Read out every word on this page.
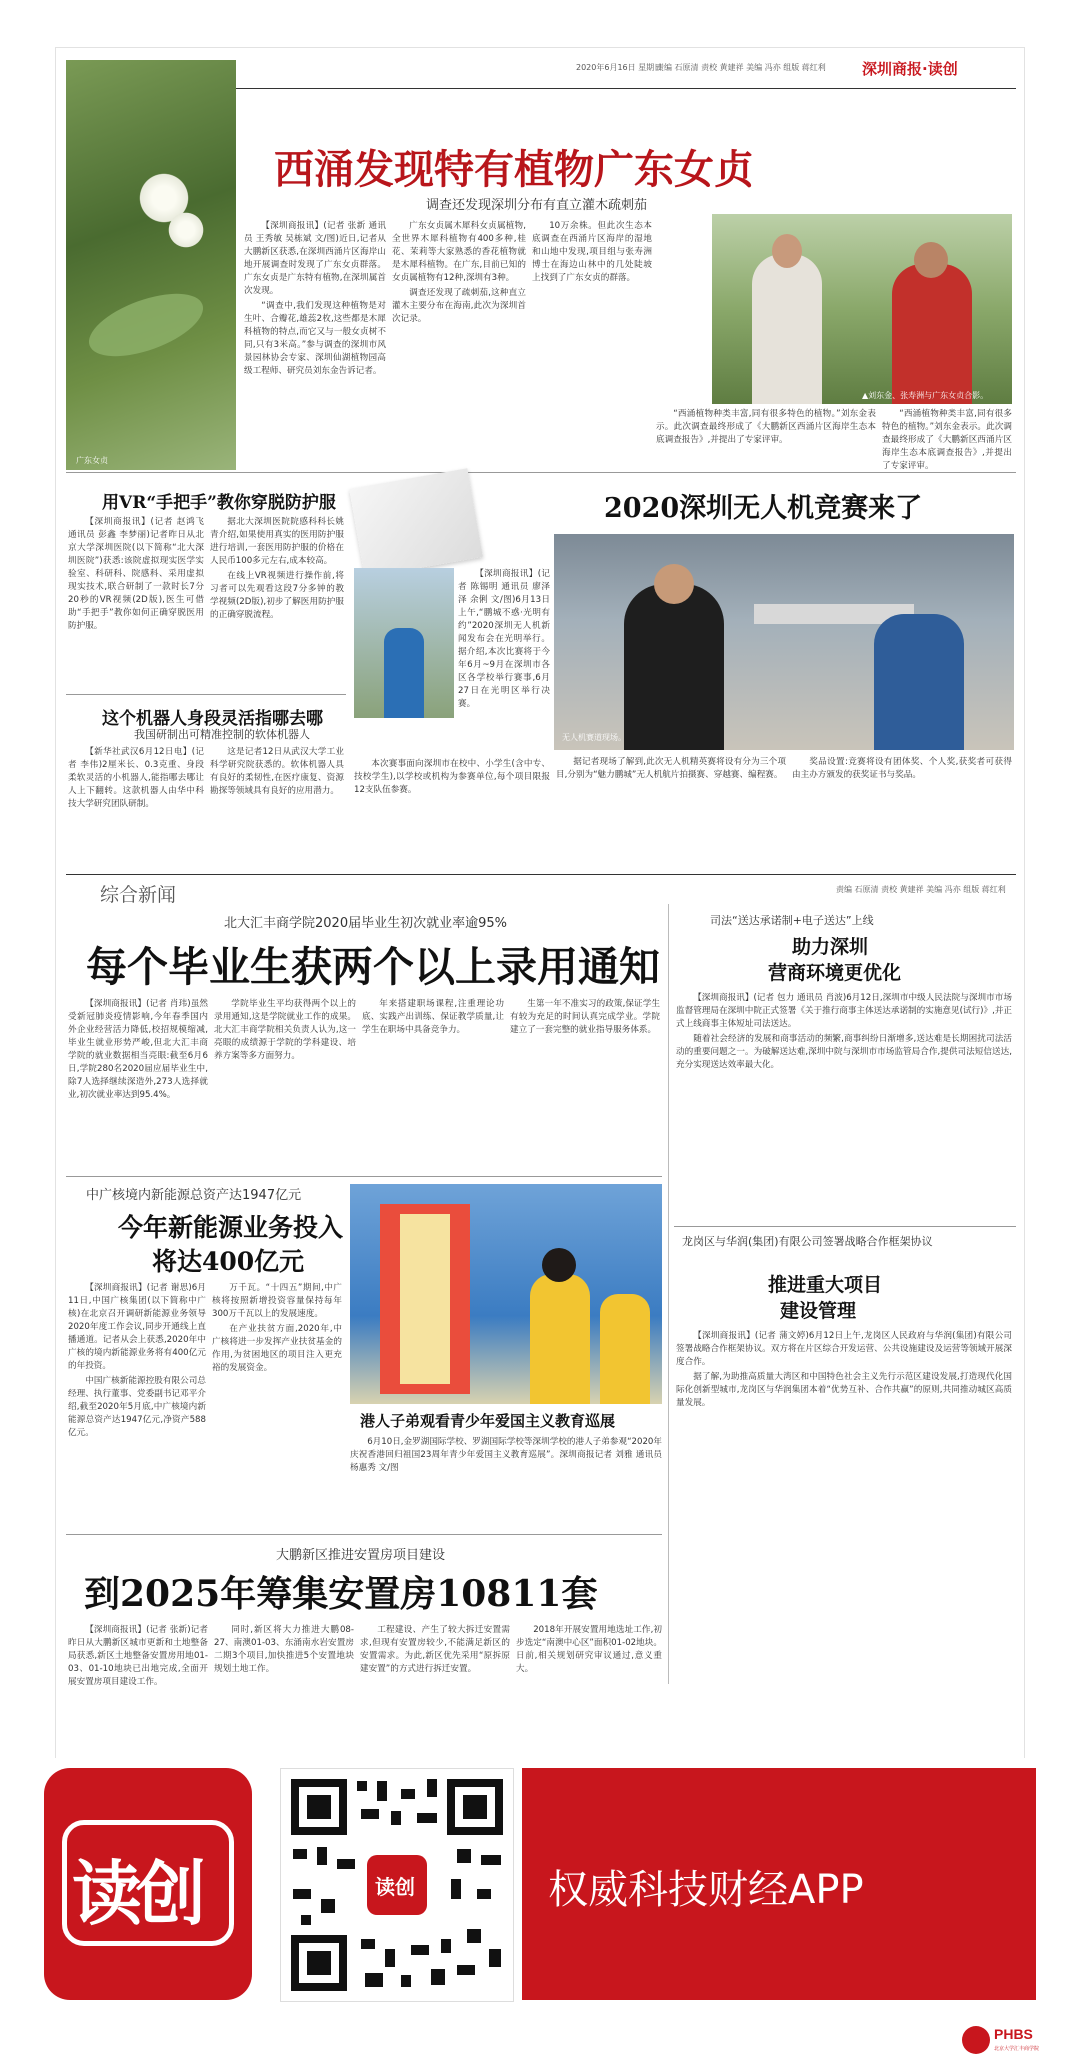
2020年6月16日 星期日
责编 石原清 责校 黄建祥 美编 冯亦 组版 蒋红利 深圳商报·读创
广东女贞
西涌发现特有植物广东女贞
调查还发现深圳分布有直立灌木疏刺茄

【深圳商报讯】(记者 张新 通讯员 王秀敏 吴栋斌 文/图)近日,记者从大鹏新区获悉,在深圳西涌片区海岸山地开展调查时发现了广东女贞群落。广东女贞是广东特有植物,在深圳属首次发现。

“调查中,我们发现这种植物是对生叶、合瓣花,雄蕊2枚,这些都是木犀科植物的特点,而它又与一般女贞树不同,只有3米高。”参与调查的深圳市风景园林协会专家、深圳仙湖植物园高级工程师、研究员刘东金告诉记者。

广东女贞属木犀科女贞属植物,全世界木犀科植物有400多种,桂花、茉莉等大家熟悉的香花植物就是木犀科植物。在广东,目前已知的女贞属植物有12种,深圳有3种。

调查还发现了疏刺茄,这种直立灌木主要分布在海南,此次为深圳首次记录。

10万余株。但此次生态本底调查在西涌片区海岸的湿地和山地中发现,项目组与张寿洲博士在海边山林中的几处陡坡上找到了广东女贞的群落。

▲刘东金、张寿洲与广东女贞合影。

“西涌植物种类丰富,同有很多特色的植物。”刘东金表示。此次调查最终形成了《大鹏新区西涌片区海岸生态本底调查报告》,并提出了专家评审。

“西涌植物种类丰富,同有很多特色的植物。”刘东金表示。此次调查最终形成了《大鹏新区西涌片区海岸生态本底调查报告》,并提出了专家评审。

用VR“手把手”教你穿脱防护服

【深圳商报讯】(记者 赵鸿飞 通讯员 彭鑫 李梦丽)记者昨日从北京大学深圳医院(以下简称“北大深圳医院”)获悉:该院虚拟现实医学实验室、科研科、院感科、采用虚拟现实技术,联合研制了一款时长7分20秒的VR视频(2D版),医生可借助“手把手”教你如何正确穿脱医用防护服。

据北大深圳医院院感科科长姚青介绍,如果使用真实的医用防护服进行培训,一套医用防护服的价格在人民币100多元左右,成本较高。

在线上VR视频进行操作前,将习者可以先观看这段7分多钟的教学视频(2D版),初步了解医用防护服的正确穿脱流程。

这个机器人身段灵活指哪去哪
我国研制出可精准控制的软体机器人

【新华社武汉6月12日电】(记者 李伟)2厘米长、0.3克重、身段柔软灵活的小机器人,能指哪去哪让人上下翻转。这款机器人由华中科技大学研究团队研制。

这是记者12日从武汉大学工业科学研究院获悉的。软体机器人具有良好的柔韧性,在医疗康复、资源勘探等领域具有良好的应用潜力。

2020深圳无人机竞赛来了

【深圳商报讯】(记者 陈锡明 通讯员 廖泽泽 余俐 文/图)6月13日上午,“鹏城不惑·光明有约”2020深圳无人机新闻发布会在光明举行。据介绍,本次比赛将于今年6月~9月在深圳市各区各学校举行赛事,6月27日在光明区举行决赛。

无人机赛道现场。

本次赛事面向深圳市在校中、小学生(含中专、技校学生),以学校或机构为参赛单位,每个项目限报12支队伍参赛。

据记者现场了解到,此次无人机精英赛将设有分为三个项目,分别为“魅力鹏城”无人机航片拍摄赛、穿越赛、编程赛。

奖品设置:竞赛将设有团体奖、个人奖,获奖者可获得由主办方颁发的获奖证书与奖品。

综合新闻	责编 石原清 责校 黄建祥 美编 冯亦 组版 蒋红利
北大汇丰商学院2020届毕业生初次就业率逾95%
每个毕业生获两个以上录用通知

【深圳商报讯】(记者 肖玮)虽然受新冠肺炎疫情影响,今年春季国内外企业经营活力降低,校招规模缩减,毕业生就业形势严峻,但北大汇丰商学院的就业数据相当亮眼:截至6月6日,学院280名2020届应届毕业生中,除7人选择继续深造外,273人选择就业,初次就业率达到95.4%。

学院毕业生平均获得两个以上的录用通知,这是学院就业工作的成果。北大汇丰商学院相关负责人认为,这一亮眼的成绩源于学院的学科建设、培养方案等多方面努力。

年来搭建职场课程,注重理论功底、实践产出训练、保证教学质量,让学生在职场中具备竞争力。

生第一年不准实习的政策,保证学生有较为充足的时间认真完成学业。学院建立了一套完整的就业指导服务体系。

中广核境内新能源总资产达1947亿元
今年新能源业务投入
将达400亿元

【深圳商报讯】(记者 谢思)6月11日,中国广核集团(以下简称中广核)在北京召开调研新能源业务领导2020年度工作会议,同步开通线上直播通道。记者从会上获悉,2020年中广核的境内新能源业务将有400亿元的年投资。

中国广核新能源控股有限公司总经理、执行董事、党委副书记邓平介绍,截至2020年5月底,中广核境内新能源总资产达1947亿元,净资产588亿元。

万千瓦。“十四五”期间,中广核将按照新增投资容量保持每年300万千瓦以上的发展速度。

在产业扶贫方面,2020年,中广核将进一步发挥产业扶贫基金的作用,为贫困地区的项目注入更充裕的发展资金。

港人子弟观看青少年爱国主义教育巡展

6月10日,金罗湖国际学校、罗湖国际学校等深圳学校的港人子弟参观“2020年庆祝香港回归祖国23周年青少年爱国主义教育巡展”。深圳商报记者 刘雅 通讯员 杨惠秀 文/图

司法“送达承诺制+电子送达”上线
助力深圳
营商环境更优化

【深圳商报讯】(记者 包力 通讯员 肖波)6月12日,深圳市中级人民法院与深圳市市场监督管理局在深圳中院正式签署《关于推行商事主体送达承诺制的实施意见(试行)》,并正式上线商事主体短址司法送达。

随着社会经济的发展和商事活动的频繁,商事纠纷日渐增多,送达难是长期困扰司法活动的重要问题之一。为破解送达难,深圳中院与深圳市市场监管局合作,提供司法短信送达,充分实现送达效率最大化。

龙岗区与华润(集团)有限公司签署战略合作框架协议
推进重大项目
建设管理

【深圳商报讯】(记者 蒲文婷)6月12日上午,龙岗区人民政府与华润(集团)有限公司签署战略合作框架协议。双方将在片区综合开发运营、公共设施建设及运营等领域开展深度合作。

据了解,为助推高质量大湾区和中国特色社会主义先行示范区建设发展,打造现代化国际化创新型城市,龙岗区与华润集团本着“优势互补、合作共赢”的原则,共同推动城区高质量发展。

大鹏新区推进安置房项目建设
到2025年筹集安置房10811套

【深圳商报讯】(记者 张新)记者昨日从大鹏新区城市更新和土地整备局获悉,新区土地整备安置房用地01-03、01-10地块已出地完成,全面开展安置房项目建设工作。

同时,新区将大力推进大鹏08-27、南澳01-03、东涌南水岩安置房二期3个项目,加快推进5个安置地块规划土地工作。

工程建设、产生了较大拆迁安置需求,但现有安置房较少,不能满足新区的安置需求。为此,新区优先采用“原拆原建安置”的方式进行拆迁安置。

2018年开展安置用地选址工作,初步选定“南澳中心区”面积01-02地块。日前,相关规划研究审议通过,意义重大。

读创	读创	权威科技财经APP
PHBS
北京大学汇丰商学院
